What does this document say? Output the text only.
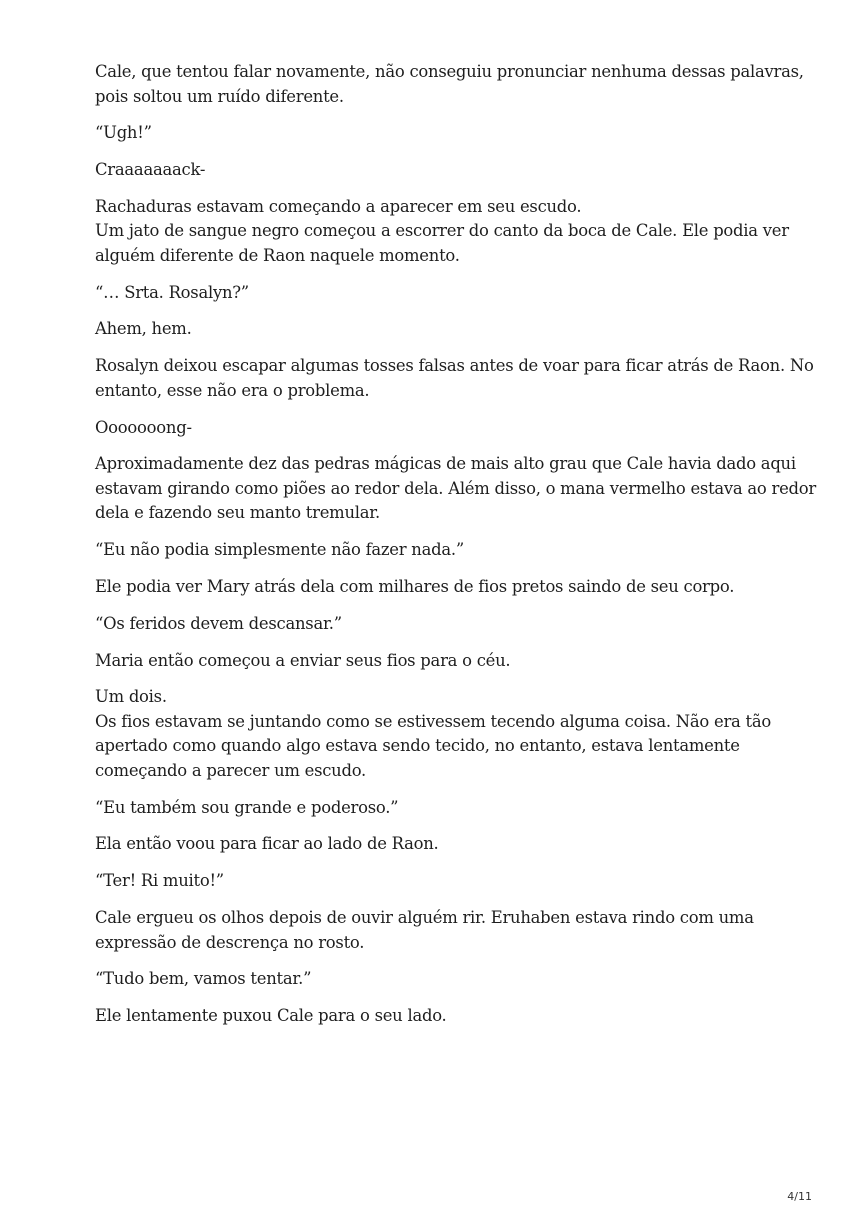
Cale, que tentou falar novamente, não conseguiu pronunciar nenhuma dessas palavras,
pois soltou um ruído diferente.

“Ugh!”

Craaaaaaack-

Rachaduras estavam começando a aparecer em seu escudo.
Um jato de sangue negro começou a escorrer do canto da boca de Cale. Ele podia ver
alguém diferente de Raon naquele momento.

“… Srta. Rosalyn?”

Ahem, hem.

Rosalyn deixou escapar algumas tosses falsas antes de voar para ficar atrás de Raon. No
entanto, esse não era o problema.

Ooooooong-

Aproximadamente dez das pedras mágicas de mais alto grau que Cale havia dado aqui
estavam girando como piões ao redor dela. Além disso, o mana vermelho estava ao redor
dela e fazendo seu manto tremular.

“Eu não podia simplesmente não fazer nada.”

Ele podia ver Mary atrás dela com milhares de fios pretos saindo de seu corpo.

“Os feridos devem descansar.”

Maria então começou a enviar seus fios para o céu.

Um dois.
Os fios estavam se juntando como se estivessem tecendo alguma coisa. Não era tão
apertado como quando algo estava sendo tecido, no entanto, estava lentamente
começando a parecer um escudo.

“Eu também sou grande e poderoso.”

Ela então voou para ficar ao lado de Raon.

“Ter! Ri muito!”

Cale ergueu os olhos depois de ouvir alguém rir. Eruhaben estava rindo com uma
expressão de descrença no rosto.

“Tudo bem, vamos tentar.”

Ele lentamente puxou Cale para o seu lado.

4/11
